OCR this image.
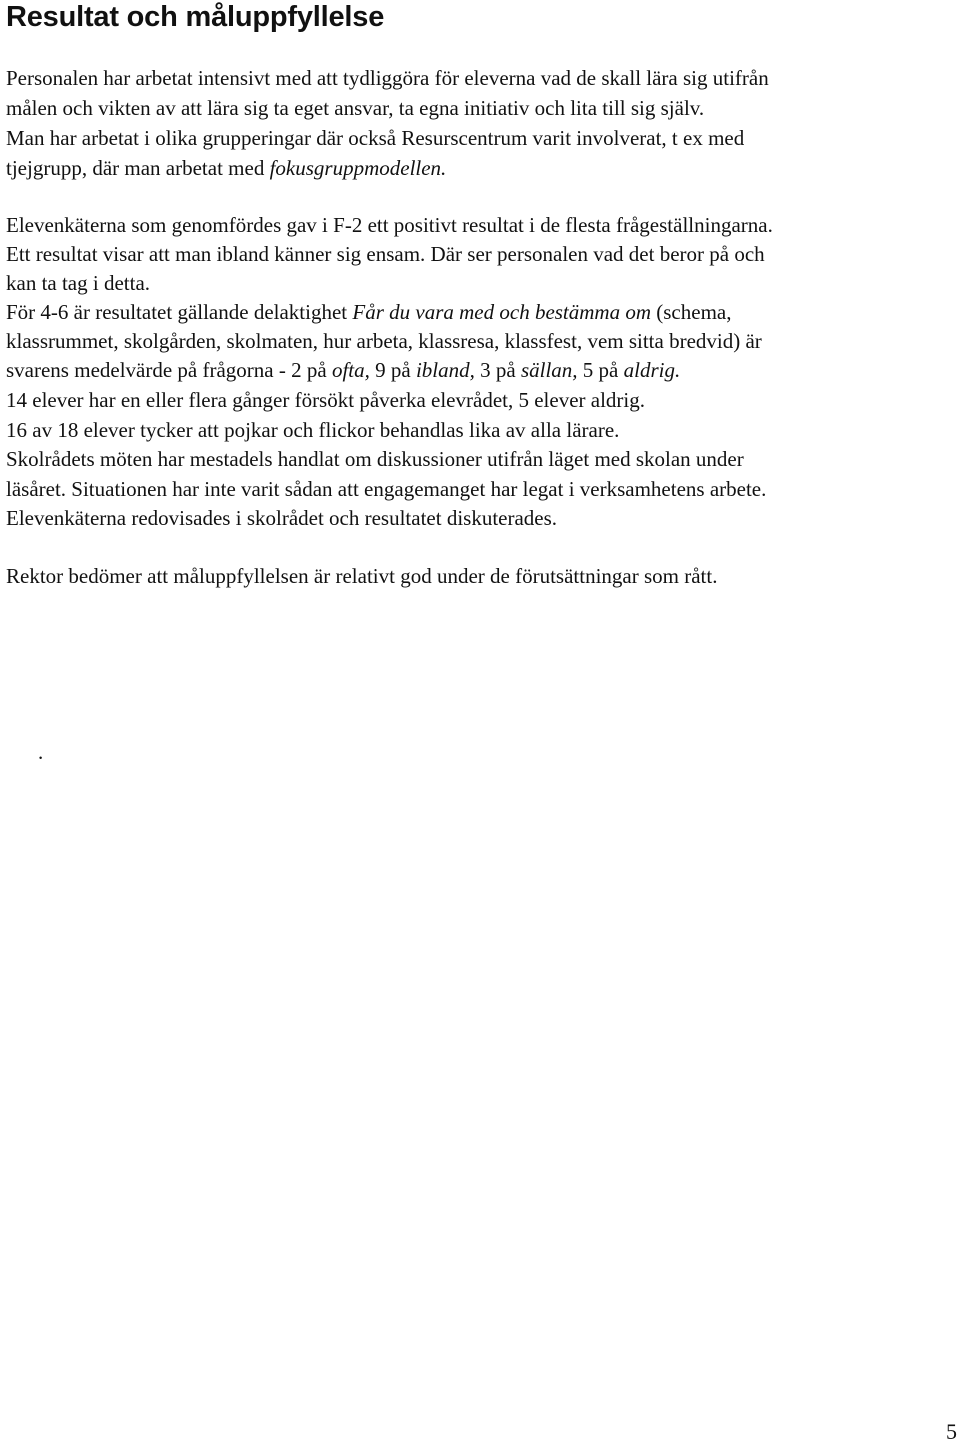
Resultat och måluppfyllelse
Personalen har arbetat intensivt med att tydliggöra för eleverna vad de skall lära sig utifrån
målen och vikten av att lära sig ta eget ansvar, ta egna initiativ och lita till sig själv.
Man har arbetat i olika grupperingar där också Resurscentrum varit involverat, t ex med
tjejgrupp, där man arbetat med fokusgruppmodellen.
Elevenkäterna som genomfördes gav i F-2 ett positivt resultat i de flesta frågeställningarna.
Ett resultat visar att man ibland känner sig ensam. Där ser personalen vad det beror på och
kan ta tag i detta.
För 4-6 är resultatet gällande delaktighet Får du vara med och bestämma om (schema,
klassrummet, skolgården, skolmaten, hur arbeta, klassresa, klassfest, vem sitta bredvid) är
svarens medelvärde på frågorna - 2 på ofta, 9 på ibland, 3 på sällan, 5 på aldrig.
14 elever har en eller flera gånger försökt påverka elevrådet, 5 elever aldrig.
16 av 18 elever tycker att pojkar och flickor behandlas lika av alla lärare.
Skolrådets möten har mestadels handlat om diskussioner utifrån läget med skolan under
läsåret. Situationen har inte varit sådan att engagemanget har legat i verksamhetens arbete.
Elevenkäterna redovisades i skolrådet och resultatet diskuterades.
Rektor bedömer att måluppfyllelsen är relativt god under de förutsättningar som rått.
.
5
